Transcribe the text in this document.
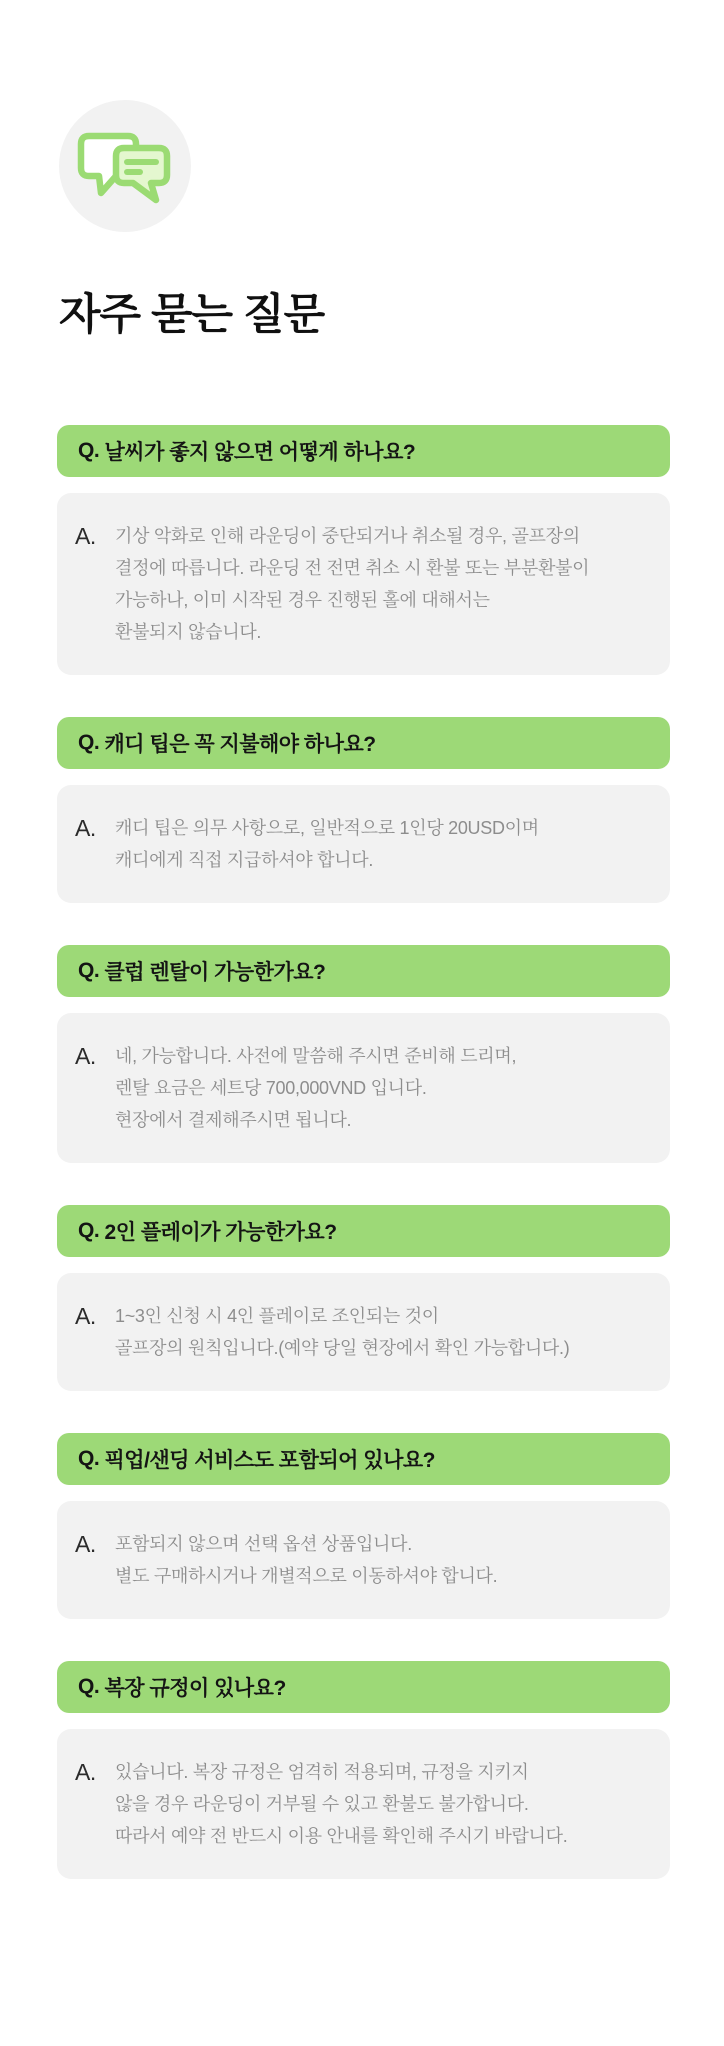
자주 묻는 질문
Q. 날씨가 좋지 않으면 어떻게 하나요?
A.	기상 악화로 인해 라운딩이 중단되거나 취소될 경우, 골프장의
결정에 따릅니다. 라운딩 전 전면 취소 시 환불 또는 부분환불이
가능하나, 이미 시작된 경우 진행된 홀에 대해서는
환불되지 않습니다.
Q. 캐디 팁은 꼭 지불해야 하나요?
A.	캐디 팁은 의무 사항으로, 일반적으로 1인당 20USD이며
캐디에게 직접 지급하셔야 합니다.
Q. 클럽 렌탈이 가능한가요?
A.	네, 가능합니다. 사전에 말씀해 주시면 준비해 드리며,
렌탈 요금은 세트당 700,000VND 입니다.
현장에서 결제해주시면 됩니다.
Q. 2인 플레이가 가능한가요?
A.	1~3인 신청 시 4인 플레이로 조인되는 것이
골프장의 원칙입니다.(예약 당일 현장에서 확인 가능합니다.)
Q. 픽업/샌딩 서비스도 포함되어 있나요?
A.	포함되지 않으며 선택 옵션 상품입니다.
별도 구매하시거나 개별적으로 이동하셔야 합니다.
Q. 복장 규정이 있나요?
A.	있습니다. 복장 규정은 엄격히 적용되며, 규정을 지키지
않을 경우 라운딩이 거부될 수 있고 환불도 불가합니다.
따라서 예약 전 반드시 이용 안내를 확인해 주시기 바랍니다.
